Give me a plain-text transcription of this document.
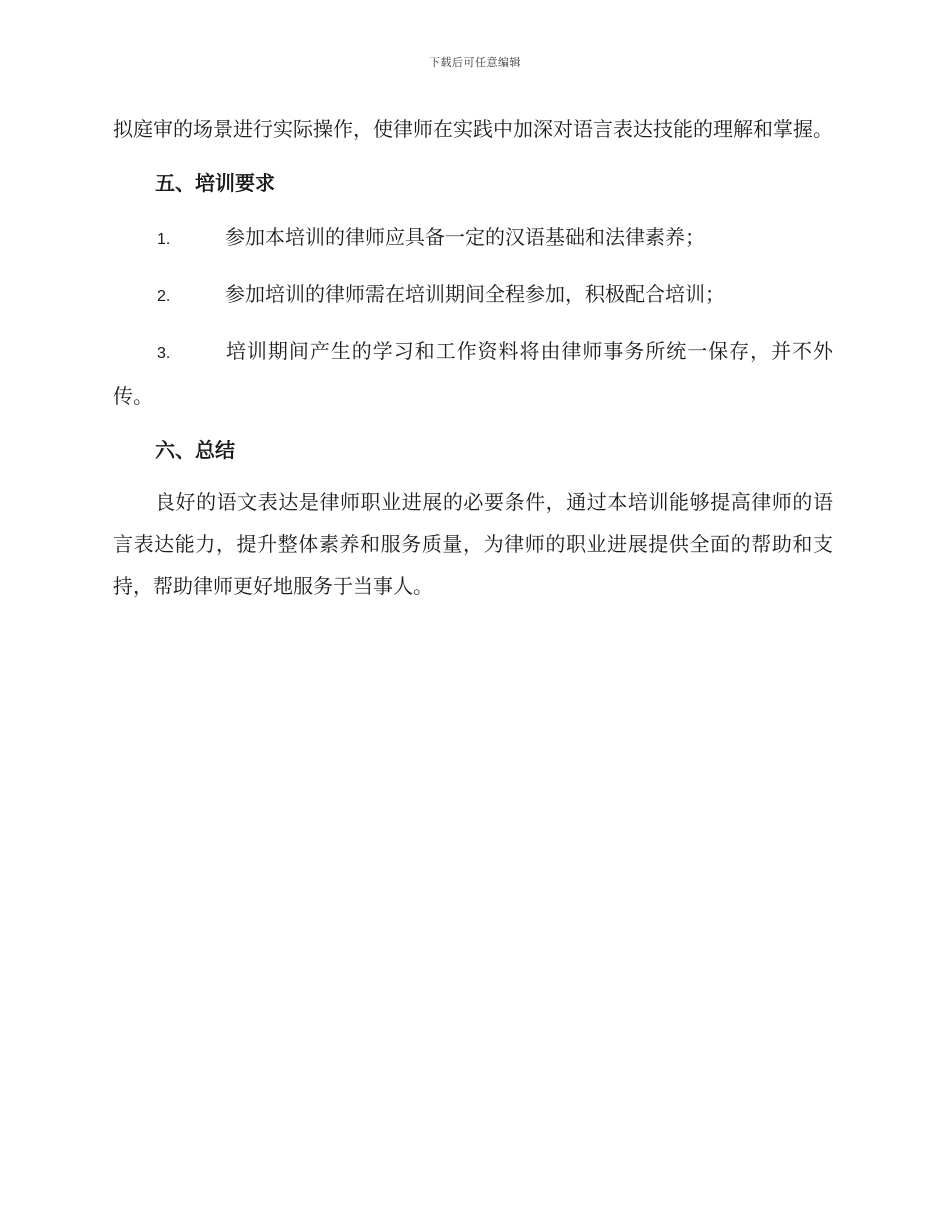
下载后可任意编辑

拟庭审的场景进行实际操作，使律师在实践中加深对语言表达技能的理解和掌握。

五、培训要求
1.	参加本培训的律师应具备一定的汉语基础和法律素养；
2.	参加培训的律师需在培训期间全程参加，积极配合培训；
3.	培训期间产生的学习和工作资料将由律师事务所统一保存，并不外传。
六、总结

良好的语文表达是律师职业进展的必要条件，通过本培训能够提高律师的语言表达能力，提升整体素养和服务质量，为律师的职业进展提供全面的帮助和支持，帮助律师更好地服务于当事人。
